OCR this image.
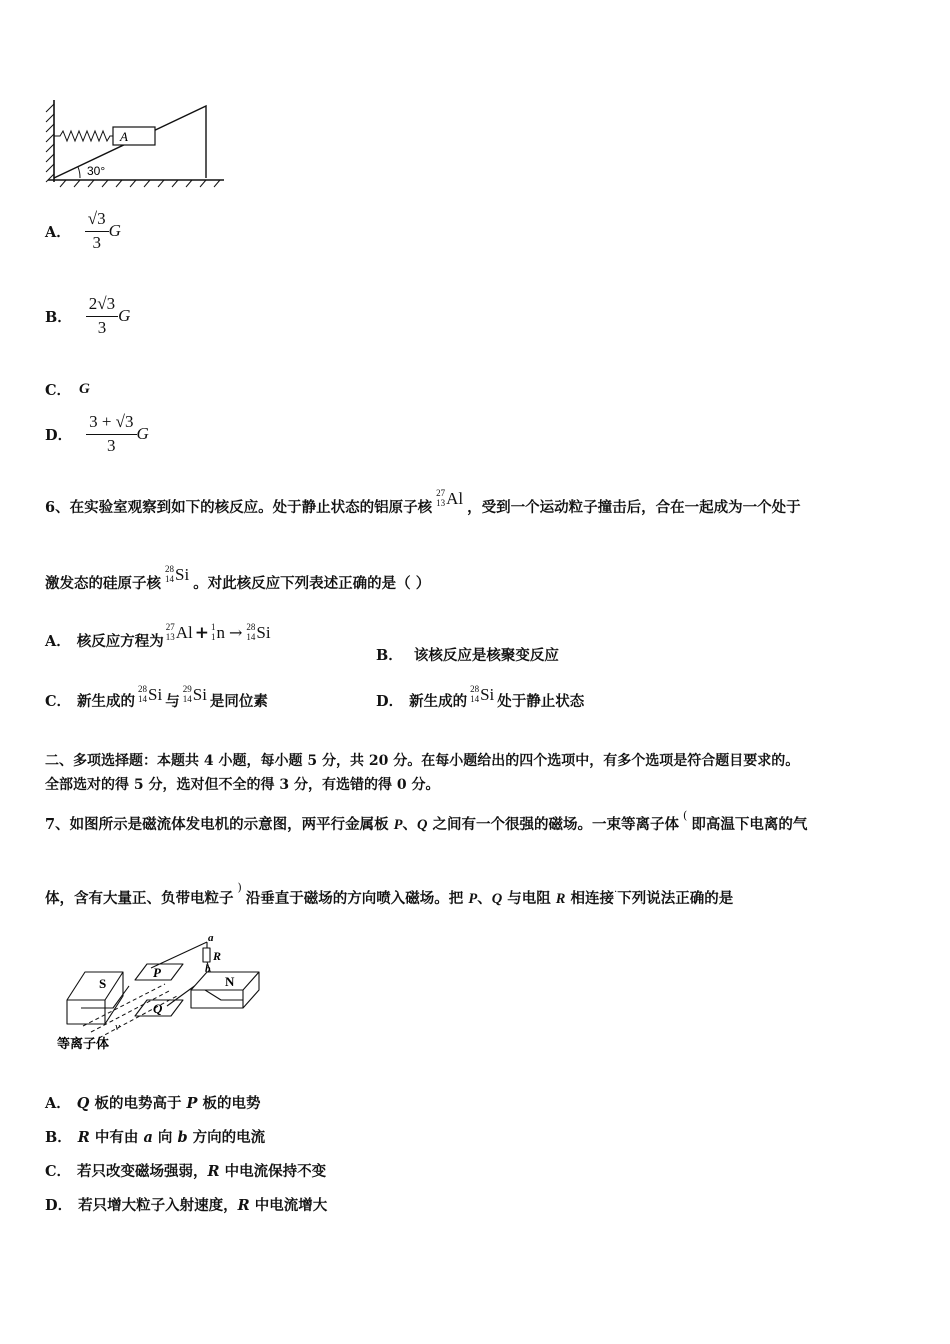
A
30°
A． $\frac{√3}{3}$ G
B． $\frac{2√3}{3}$ G
C． G
D． $\frac{3 + √3}{3}$ G
6、在实验室观察到如下的核反应。处于静止状态的铝原子核
27
13 Al ，受到一个运动粒子撞击后，合在一起成为一个处于
激发态的硅原子核
28
14 Si 。对此核反应下列表述正确的是（ ）
A． 核反应方程为
27
13 Al + 1
1 n → 28
14 Si
B． 该核反应是核聚变反应
C． 新生成的
28
14 Si 与
29
14 Si 是同位素	D． 新生成的
28
14 Si 处于静止状态
二、多项选择题：本题共 4 小题，每小题 5 分，共 20 分。在每小题给出的四个选项中，有多个选项是符合题目要求的。
全部选对的得 5 分，选对但不全的得 3 分，有选错的得 0 分。
7、如图所示是磁流体发电机的示意图，两平行金属板 P、Q 之间有一个很强的磁场。一束等离子体(即高温下电离的气
体，含有大量正、负带电粒子)沿垂直于磁场的方向喷入磁场。把 P、Q 与电阻 R 相连接·下列说法正确的是
S
P
Q
N
a
R
b
v
等离子体
A． Q 板的电势高于 P 板的电势
B． R 中有由 a 向 b 方向的电流
C． 若只改变磁场强弱，R 中电流保持不变
D． 若只增大粒子入射速度，R 中电流增大
